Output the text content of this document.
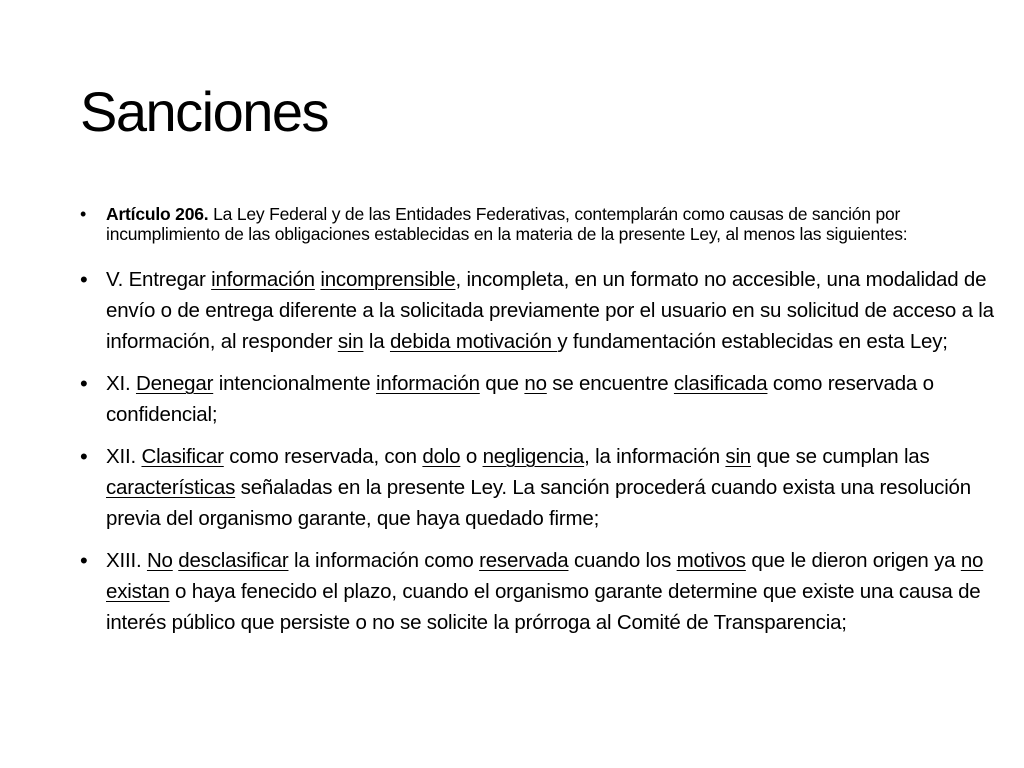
Sanciones
• Artículo 206. La Ley Federal y de las Entidades Federativas, contemplarán como causas de sanción por incumplimiento de las obligaciones establecidas en la materia de la presente Ley, al menos las siguientes:
• V. Entregar información incomprensible, incompleta, en un formato no accesible, una modalidad de envío o de entrega diferente a la solicitada previamente por el usuario en su solicitud de acceso a la información, al responder sin la debida motivación y fundamentación establecidas en esta Ley;
• XI. Denegar intencionalmente información que no se encuentre clasificada como reservada o confidencial;
• XII. Clasificar como reservada, con dolo o negligencia, la información sin que se cumplan las características señaladas en la presente Ley. La sanción procederá cuando exista una resolución previa del organismo garante, que haya quedado firme;
• XIII. No desclasificar la información como reservada cuando los motivos que le dieron origen ya no existan o haya fenecido el plazo, cuando el organismo garante determine que existe una causa de interés público que persiste o no se solicite la prórroga al Comité de Transparencia;
